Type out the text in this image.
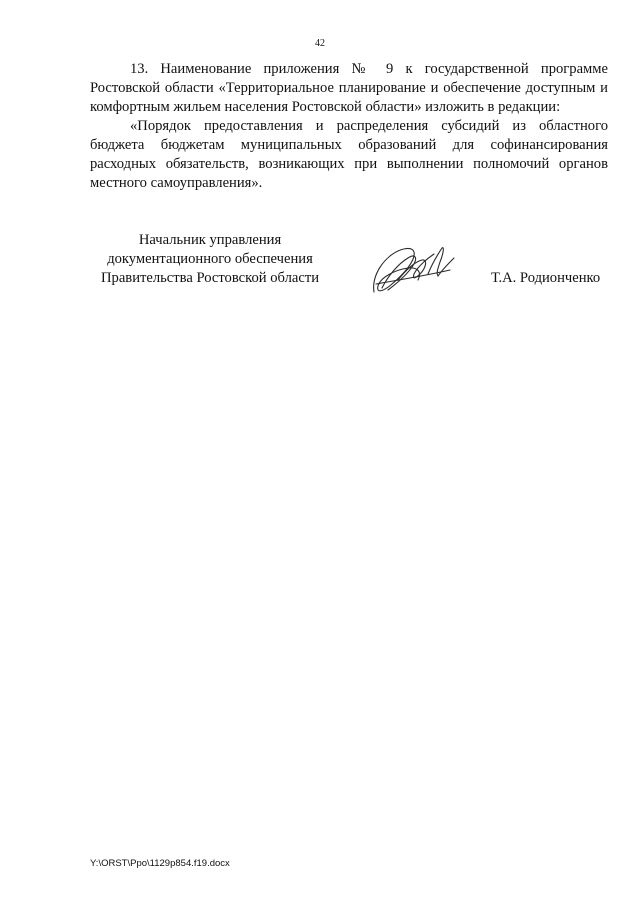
42

13. Наименование приложения № 9 к государственной программе Ростовской области «Территориальное планирование и обеспечение доступным и комфортным жильем населения Ростовской области» изложить в редакции:

«Порядок предоставления и распределения субсидий из областного бюджета бюджетам муниципальных образований для софинансирования расходных обязательств, возникающих при выполнении полномочий органов местного самоуправления».

Начальник управления
документационного обеспечения
Правительства Ростовской области	Т.А. Родионченко
Y:\ORST\Ppo\1129p854.f19.docx
